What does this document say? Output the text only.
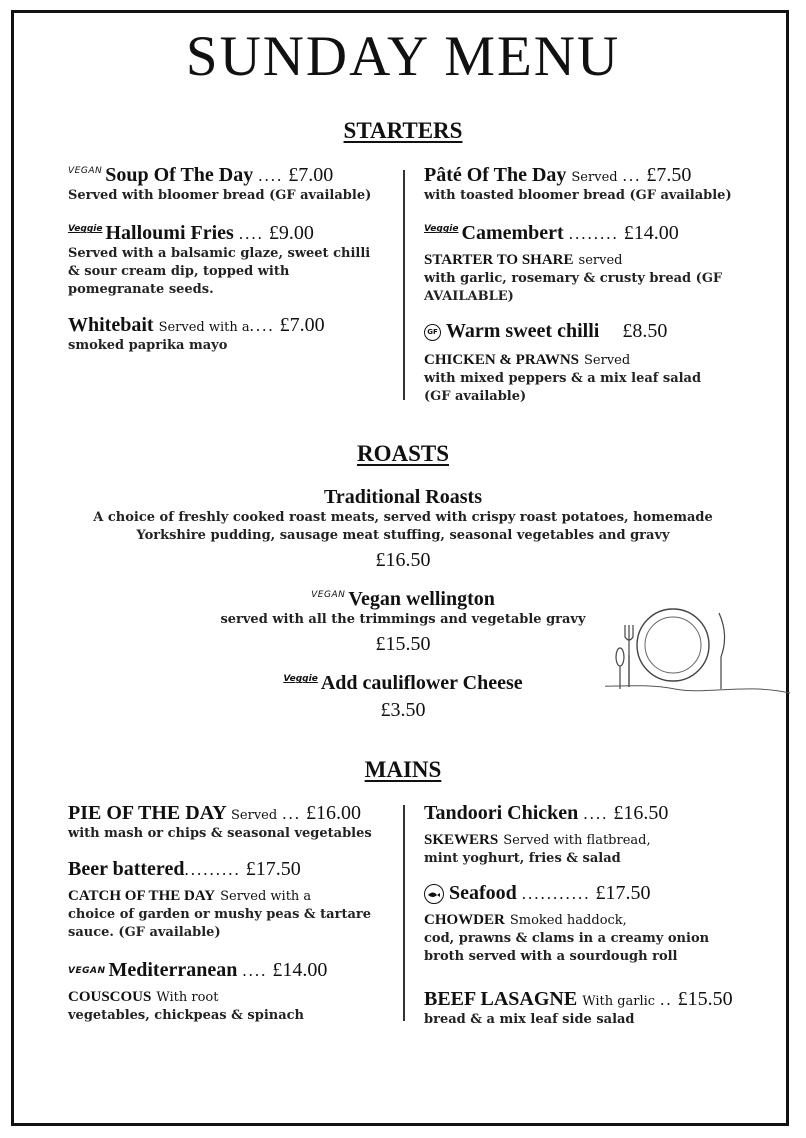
SUNDAY MENU
STARTERS
VEGAN Soup Of The Day .... £7.00
Served with bloomer bread (GF available)
Veggie Halloumi Fries .... £9.00
Served with a balsamic glaze, sweet chilli
& sour cream dip, topped with
pomegranate seeds.
Whitebait Served with a.... £7.00
smoked paprika mayo
Pâté Of The Day Served ... £7.50
with toasted bloomer bread (GF available)
Veggie Camembert ........ £14.00
STARTER TO SHARE served
with garlic, rosemary & crusty bread (GF
AVAILABLE)
GF Warm sweet chilli £8.50
CHICKEN & PRAWNS Served
with mixed peppers & a mix leaf salad
(GF available)
ROASTS
Traditional Roasts
A choice of freshly cooked roast meats, served with crispy roast potatoes, homemade
Yorkshire pudding, sausage meat stuffing, seasonal vegetables and gravy
£16.50
VEGAN Vegan wellington
served with all the trimmings and vegetable gravy
£15.50
Veggie Add cauliflower Cheese
£3.50
MAINS
PIE OF THE DAY Served ... £16.00
with mash or chips & seasonal vegetables
Beer battered......... £17.50
CATCH OF THE DAY Served with a
choice of garden or mushy peas & tartare
sauce. (GF available)
VEGAN Mediterranean .... £14.00
COUSCOUS With root
vegetables, chickpeas & spinach
Tandoori Chicken .... £16.50
SKEWERS Served with flatbread,
mint yoghurt, fries & salad
Seafood ........... £17.50
CHOWDER Smoked haddock,
cod, prawns & clams in a creamy onion
broth served with a sourdough roll
BEEF LASAGNE With garlic .. £15.50
bread & a mix leaf side salad
